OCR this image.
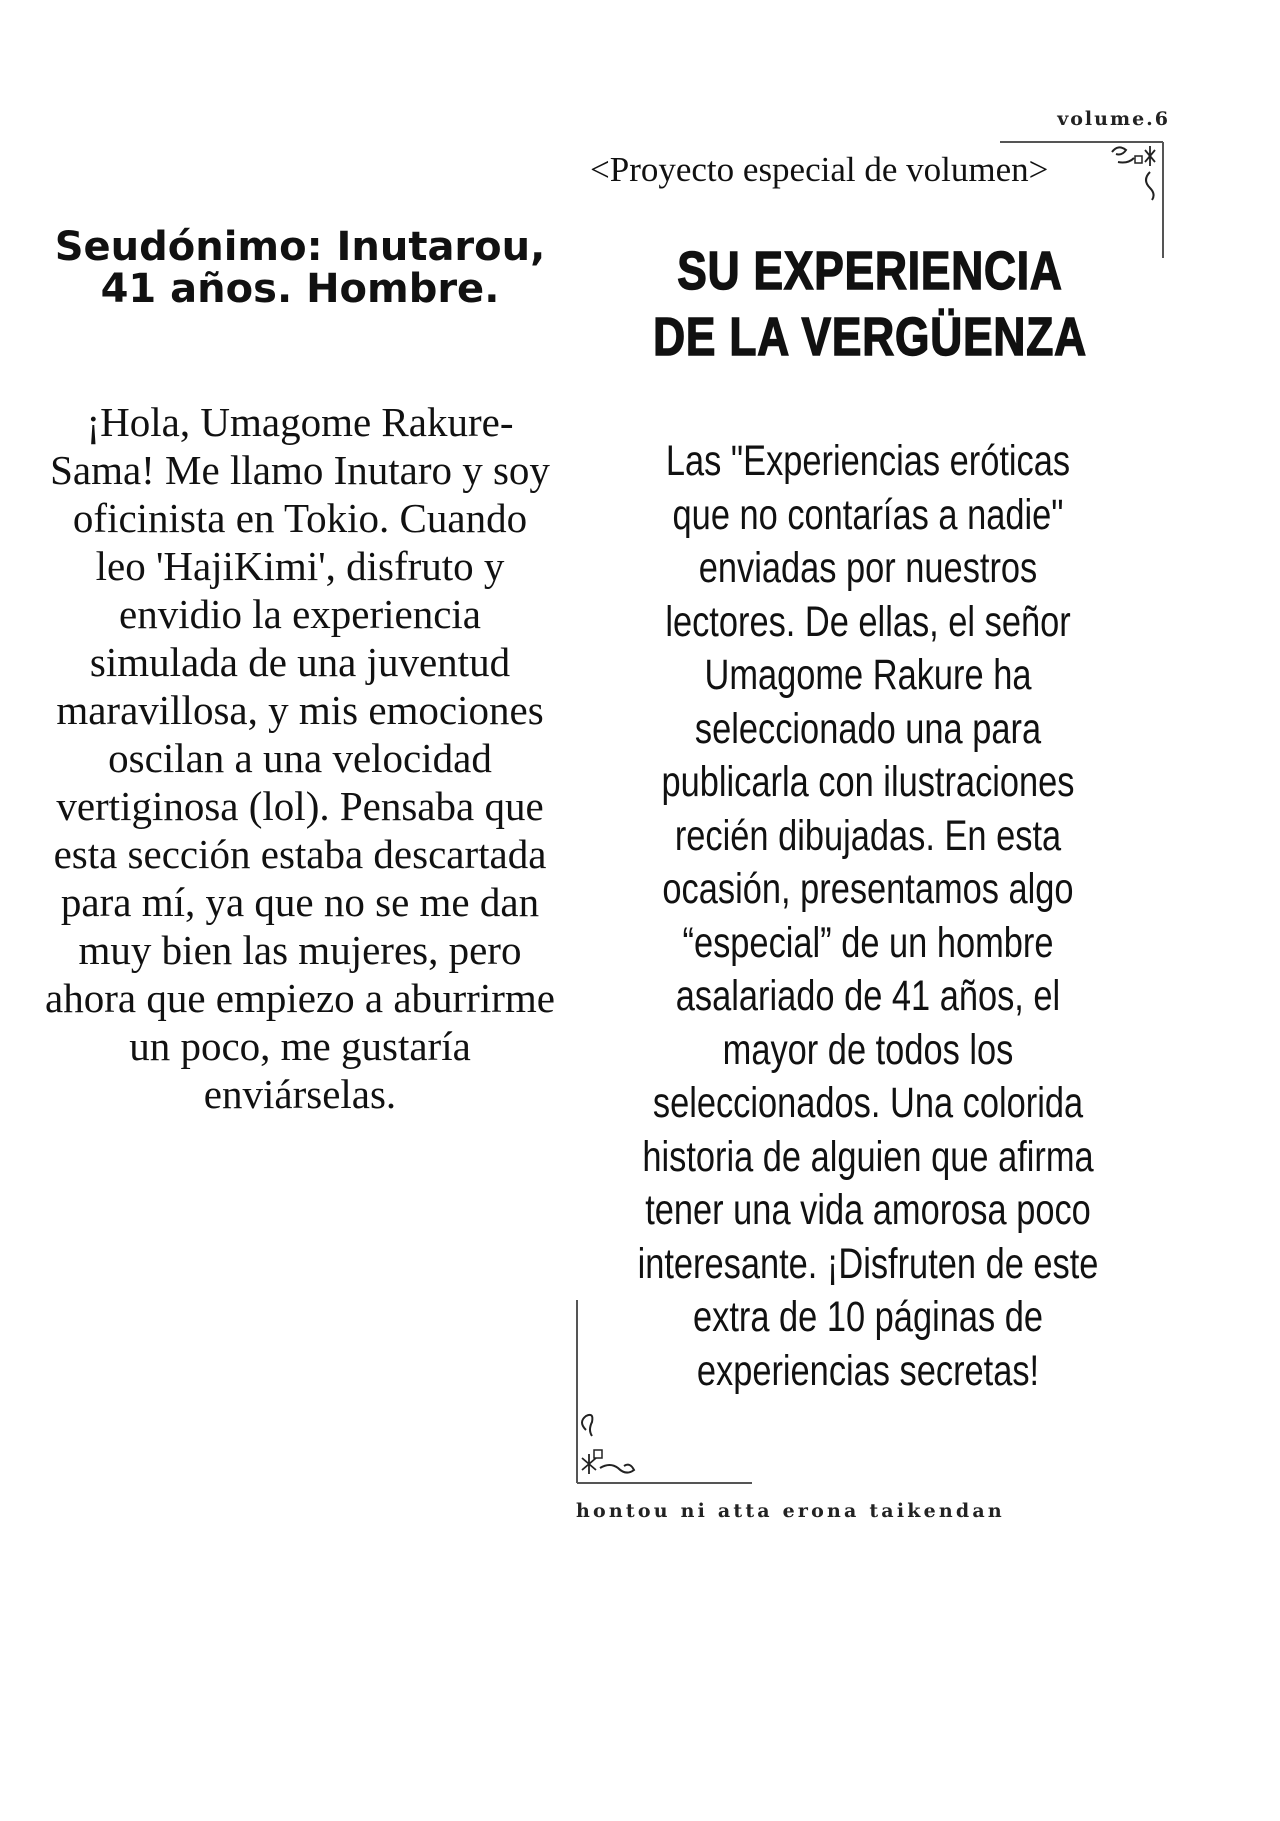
volume.6
<Proyecto especial de volumen>
Seudónimo: Inutarou, 41 años. Hombre.
¡Hola, Umagome Rakure-Sama! Me llamo Inutaro y soy oficinista en Tokio. Cuando leo 'HajiKimi', disfruto y envidio la experiencia simulada de una juventud maravillosa, y mis emociones oscilan a una velocidad vertiginosa (lol). Pensaba que esta sección estaba descartada para mí, ya que no se me dan muy bien las mujeres, pero ahora que empiezo a aburrirme un poco, me gustaría enviárselas.
SU EXPERIENCIA DE LA VERGÜENZA
Las "Experiencias eróticas que no contarías a nadie" enviadas por nuestros lectores. De ellas, el señor Umagome Rakure ha seleccionado una para publicarla con ilustraciones recién dibujadas. En esta ocasión, presentamos algo “especial” de un hombre asalariado de 41 años, el mayor de todos los seleccionados. Una colorida historia de alguien que afirma tener una vida amorosa poco interesante. ¡Disfruten de este extra de 10 páginas de experiencias secretas!
hontou ni atta erona taikendan
